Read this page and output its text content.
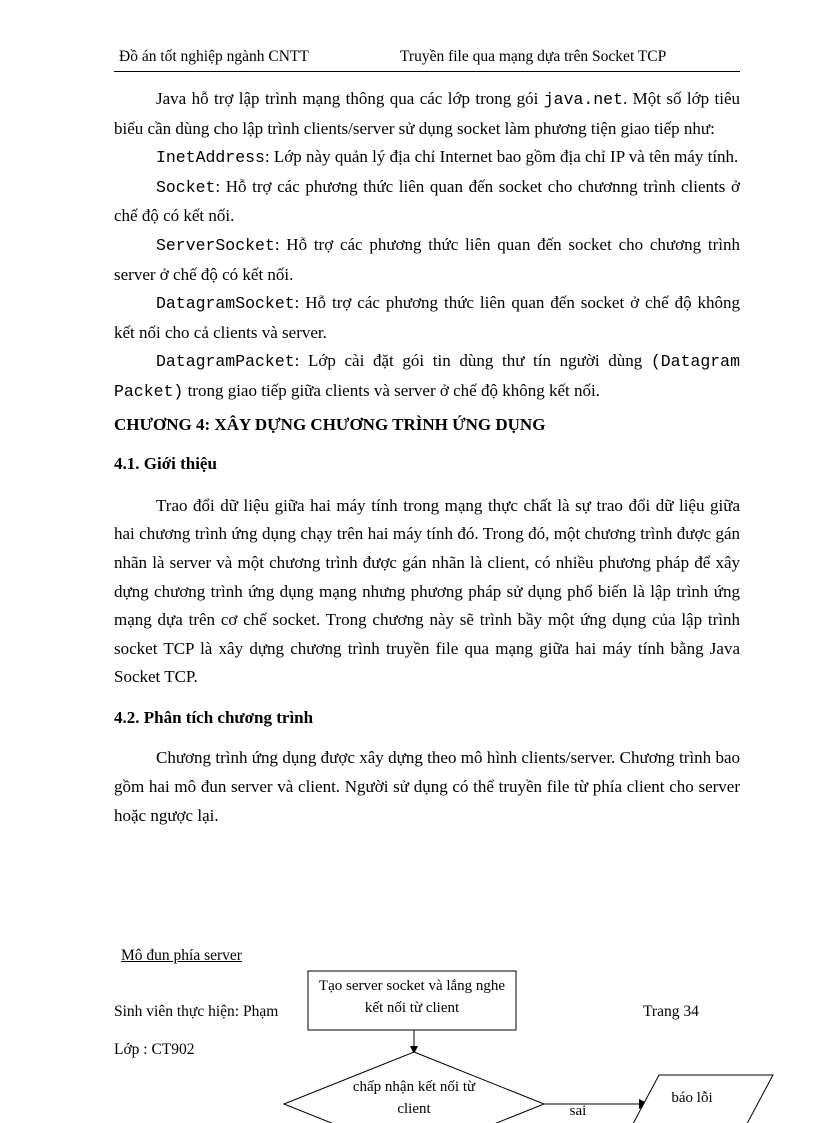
Đồ án tốt nghiệp ngành CNTT	Truyền file qua mạng dựa trên Socket TCP

Java hỗ trợ lập trình mạng thông qua các lớp trong gói java.net. Một số lớp tiêu biểu cần dùng cho lập trình clients/server sử dụng socket làm phương tiện giao tiếp như:

InetAddress: Lớp này quản lý địa chỉ Internet bao gồm địa chỉ IP và tên máy tính.

Socket: Hỗ trợ các phương thức liên quan đến socket cho chươnng trình clients ở chế độ có kết nối.

ServerSocket: Hỗ trợ các phương thức liên quan đến socket cho chương trình server ở chế độ có kết nối.

DatagramSocket: Hỗ trợ các phương thức liên quan đến socket ở chế độ không kết nối cho cả clients và server.

DatagramPacket: Lớp cài đặt gói tin dùng thư tín người dùng (Datagram Packet) trong giao tiếp giữa clients và server ở chế độ không kết nối.

CHƯƠNG 4: XÂY DỰNG CHƯƠNG TRÌNH ỨNG DỤNG

4.1. Giới thiệu

Trao đổi dữ liệu giữa hai máy tính trong mạng thực chất là sự trao đổi dữ liệu giữa hai chương trình ứng dụng chạy trên hai máy tính đó. Trong đó, một chương trình được gán nhãn là server và một chương trình được gán nhãn là client, có nhiều phương pháp để xây dựng chương trình ứng dụng mạng nhưng phương pháp sử dụng phổ biến là lập trình ứng mạng dựa trên cơ chế socket. Trong chương này sẽ trình bầy một ứng dụng của lập trình socket TCP là xây dựng chương trình truyền file qua mạng giữa hai máy tính bằng Java Socket TCP.

4.2. Phân tích chương trình

Chương trình ứng dụng được xây dựng theo mô hình clients/server. Chương trình bao gồm hai mô đun server và client. Người sử dụng có thể truyền file từ phía client cho server hoặc ngược lại.

Mô đun phía server
Sinh viên thực hiện: Phạm	Trang 34
Lớp : CT902
Tạo server socket và lắng nghe kết nối từ client
chấp nhận kết nối từ client	sai
báo lỗi
